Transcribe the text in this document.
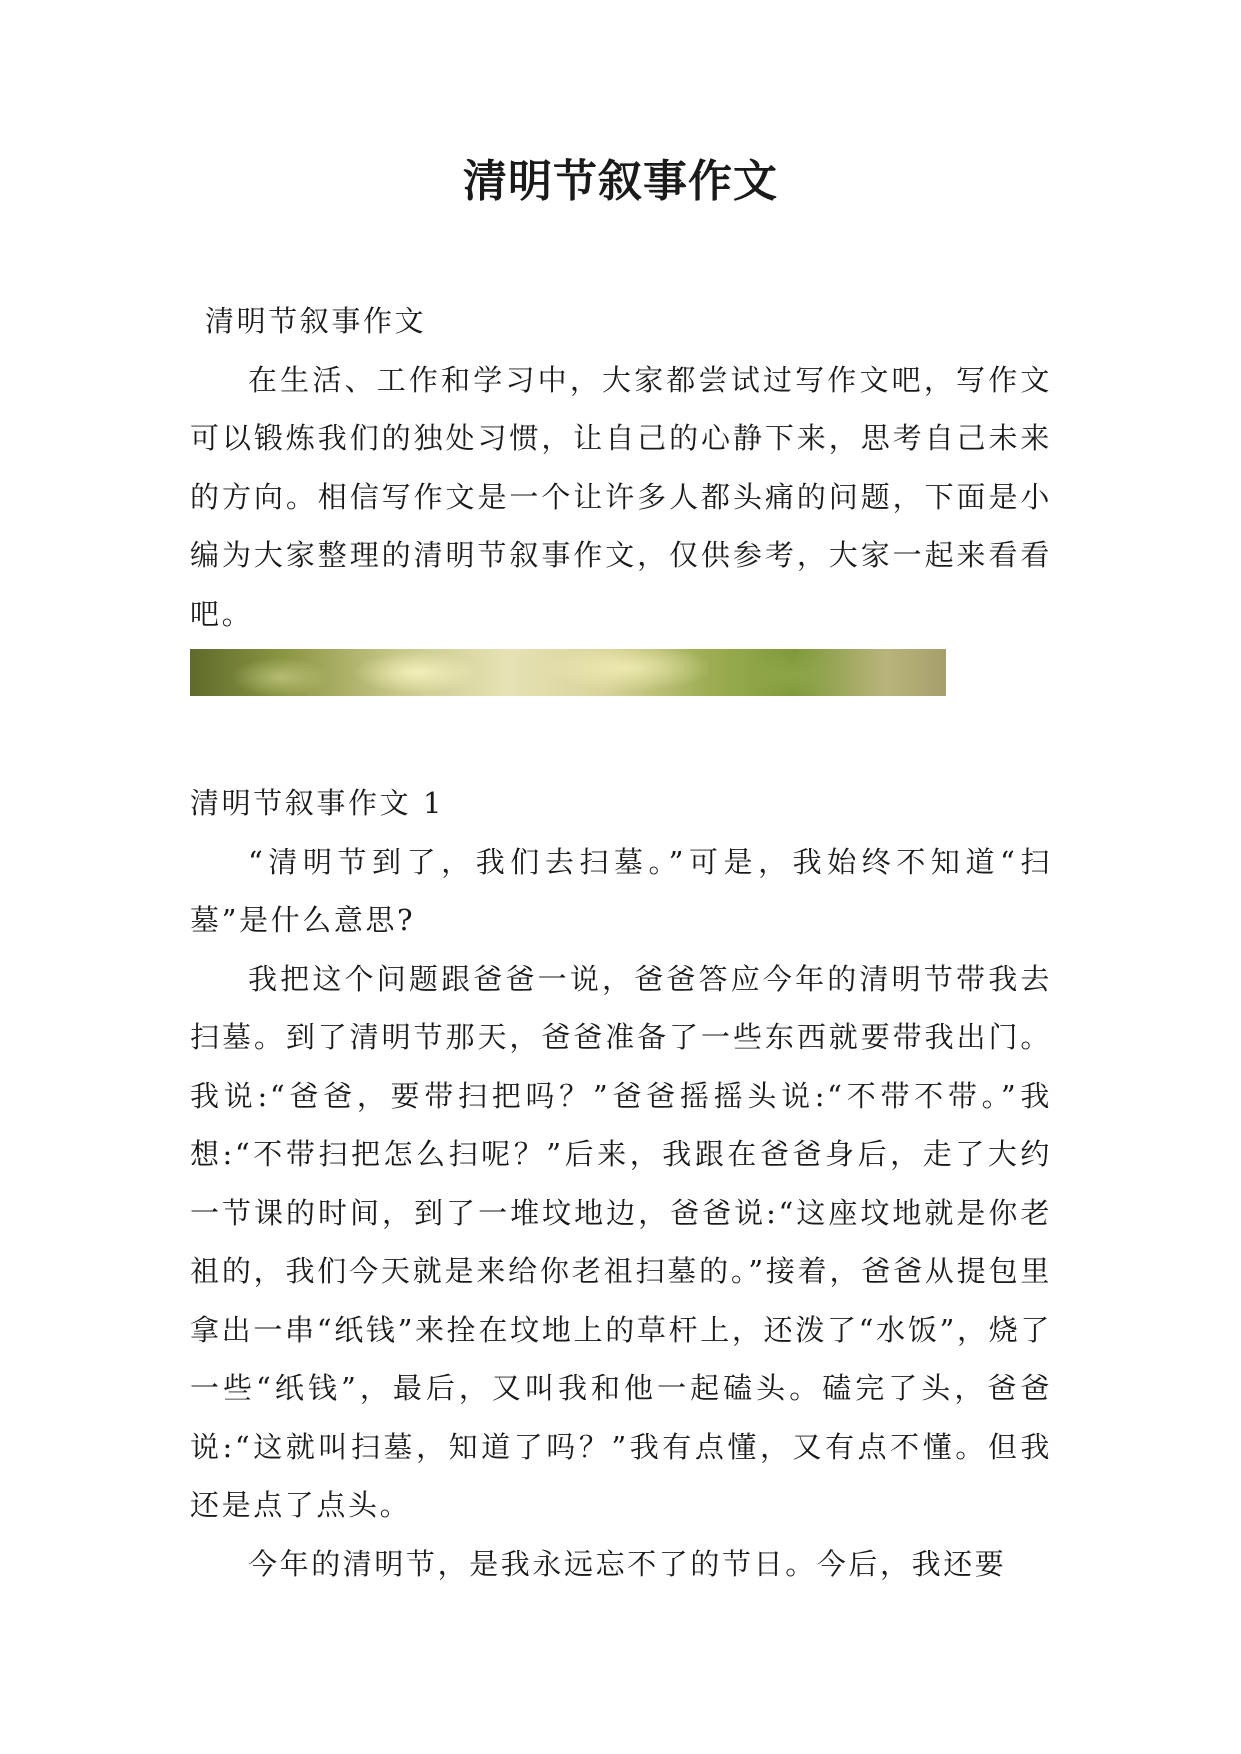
清明节叙事作文

清明节叙事作文

在生活、工作和学习中，大家都尝试过写作文吧，写作文可以锻炼我们的独处习惯，让自己的心静下来，思考自己未来的方向。相信写作文是一个让许多人都头痛的问题，下面是小编为大家整理的清明节叙事作文，仅供参考，大家一起来看看吧。

清明节叙事作文 1

“清明节到了，我们去扫墓。”可是，我始终不知道“扫墓”是什么意思?

我把这个问题跟爸爸一说，爸爸答应今年的清明节带我去扫墓。到了清明节那天，爸爸准备了一些东西就要带我出门。我说:“爸爸，要带扫把吗？”爸爸摇摇头说:“不带不带。”我想:“不带扫把怎么扫呢？”后来，我跟在爸爸身后，走了大约一节课的时间，到了一堆坟地边，爸爸说:“这座坟地就是你老祖的，我们今天就是来给你老祖扫墓的。”接着，爸爸从提包里拿出一串“纸钱”来拴在坟地上的草杆上，还泼了“水饭”，烧了一些“纸钱”，最后，又叫我和他一起磕头。磕完了头，爸爸说:“这就叫扫墓，知道了吗？”我有点懂，又有点不懂。但我还是点了点头。

今年的清明节，是我永远忘不了的节日。今后，我还要
